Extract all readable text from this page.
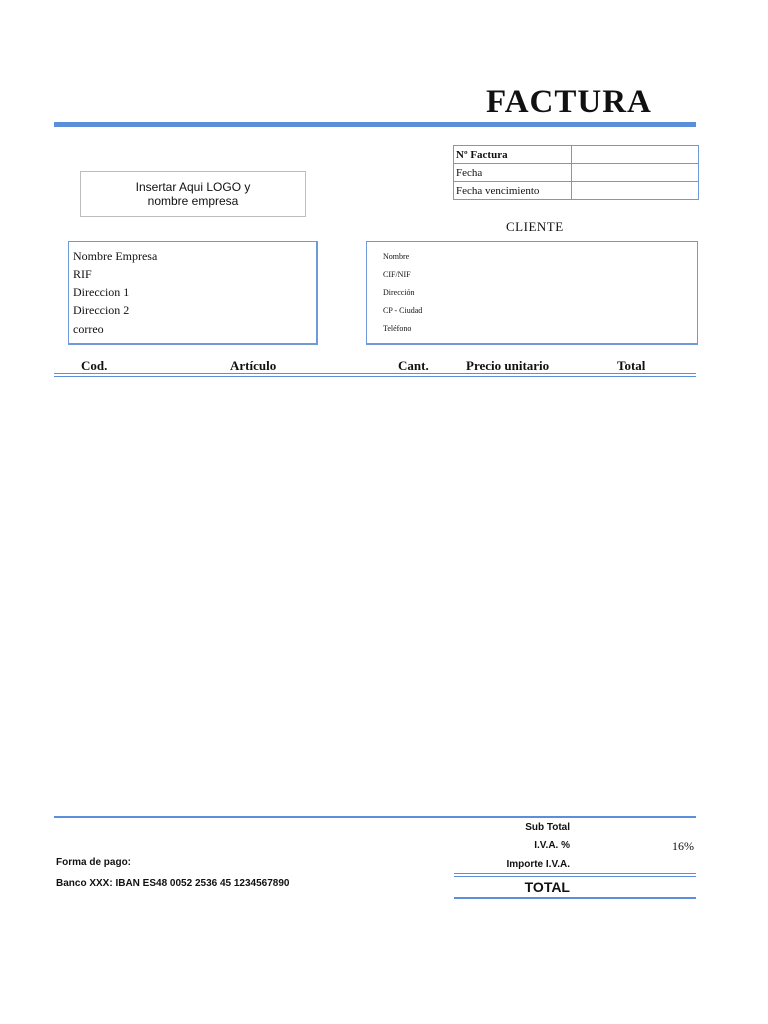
FACTURA
Nº Factura	
Fecha	
Fecha vencimiento	
Insertar Aqui LOGO y
nombre empresa
CLIENTE
Nombre Empresa
RIF
Direccion 1
Direccion 2
correo
Nombre
CIF/NIF
Dirección
CP - Ciudad
Teléfono
Cod.	Artículo	Cant.	Precio unitario	Total
Sub Total
I.V.A. %	16%
Importe I.V.A.
TOTAL
Forma de pago:
Banco XXX: IBAN ES48 0052 2536 45 1234567890
